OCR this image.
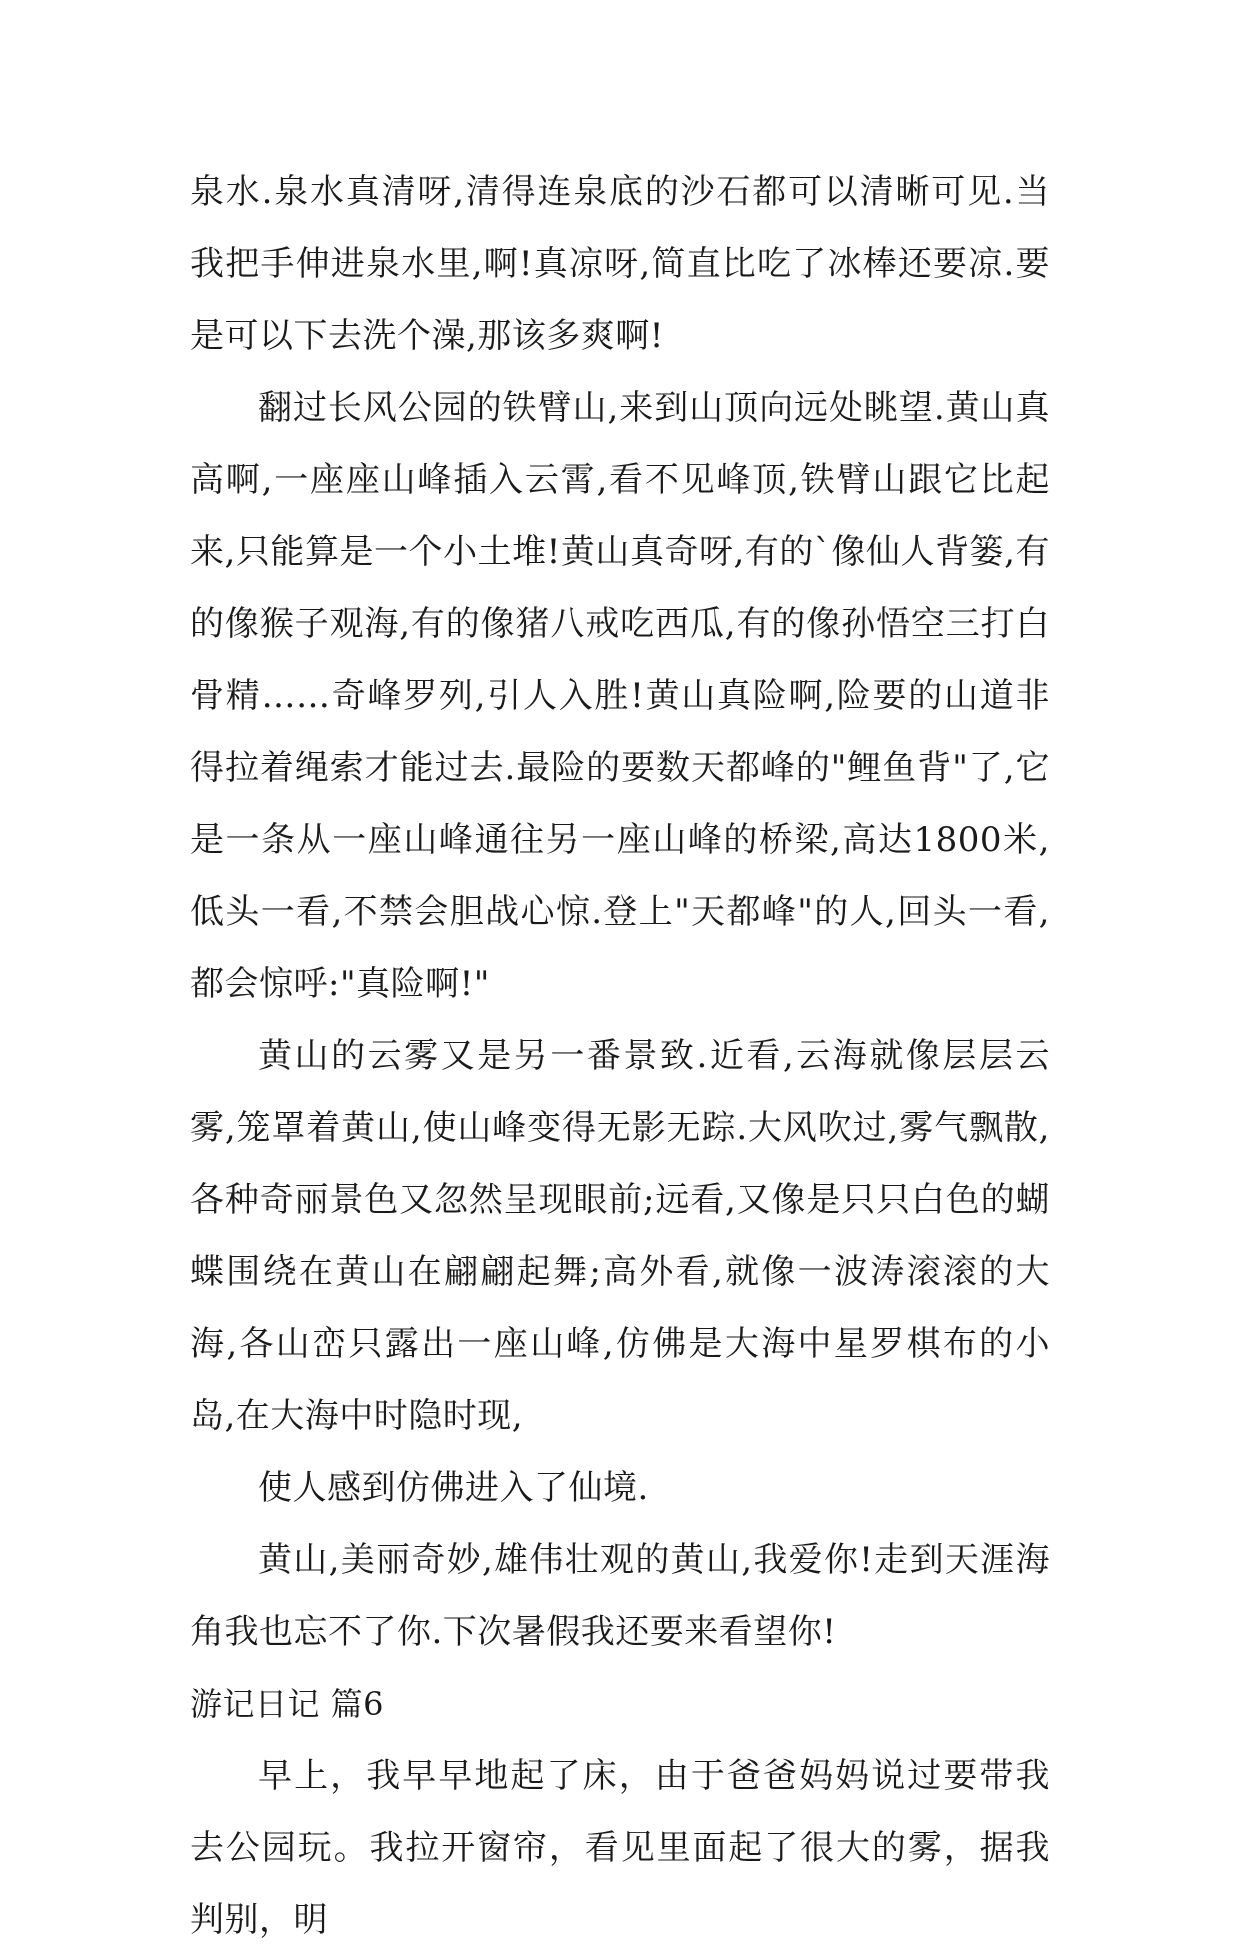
泉水.泉水真清呀,清得连泉底的沙石都可以清晰可见.当我把手伸进泉水里,啊!真凉呀,简直比吃了冰棒还要凉.要是可以下去洗个澡,那该多爽啊!

翻过长风公园的铁臂山,来到山顶向远处眺望.黄山真高啊,一座座山峰插入云霄,看不见峰顶,铁臂山跟它比起来,只能算是一个小土堆!黄山真奇呀,有的`像仙人背篓,有的像猴子观海,有的像猪八戒吃西瓜,有的像孙悟空三打白骨精……奇峰罗列,引人入胜!黄山真险啊,险要的山道非得拉着绳索才能过去.最险的要数天都峰的"鲤鱼背"了,它是一条从一座山峰通往另一座山峰的桥梁,高达1800米,低头一看,不禁会胆战心惊.登上"天都峰"的人,回头一看,都会惊呼:"真险啊!"

黄山的云雾又是另一番景致.近看,云海就像层层云雾,笼罩着黄山,使山峰变得无影无踪.大风吹过,雾气飘散,各种奇丽景色又忽然呈现眼前;远看,又像是只只白色的蝴蝶围绕在黄山在翩翩起舞;高外看,就像一波涛滚滚的大海,各山峦只露出一座山峰,仿佛是大海中星罗棋布的小岛,在大海中时隐时现,

使人感到仿佛进入了仙境.

黄山,美丽奇妙,雄伟壮观的黄山,我爱你!走到天涯海角我也忘不了你.下次暑假我还要来看望你!

游记日记 篇6

早上，我早早地起了床，由于爸爸妈妈说过要带我去公园玩。我拉开窗帘，看见里面起了很大的雾，据我判别，明
